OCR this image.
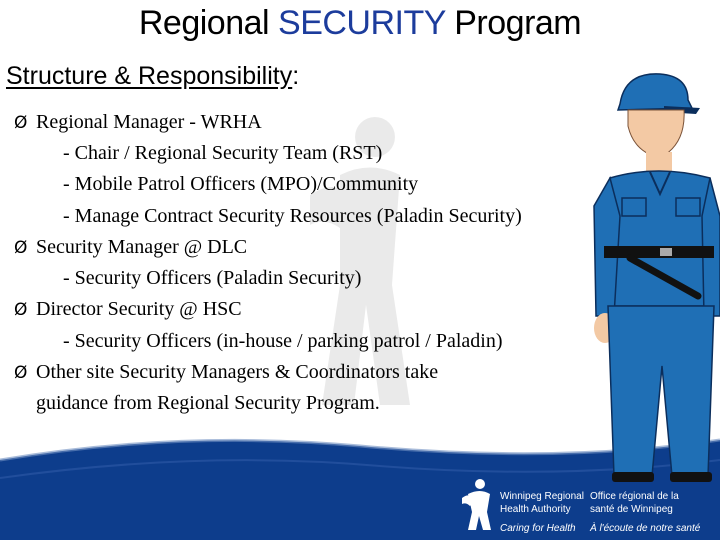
Regional SECURITY Program
Structure & Responsibility:
Ø Regional Manager - WRHA
- Chair / Regional Security Team (RST)
- Mobile Patrol Officers (MPO)/Community
- Manage Contract Security Resources (Paladin Security)
Ø Security Manager @ DLC
- Security Officers (Paladin Security)
Ø Director Security @ HSC
- Security Officers (in-house / parking patrol / Paladin)
Ø Other site Security Managers & Coordinators take
guidance from Regional Security Program.
Winnipeg Regional
Health Authority
Caring for Health
Office régional de la
santé de Winnipeg
À l'écoute de notre santé
